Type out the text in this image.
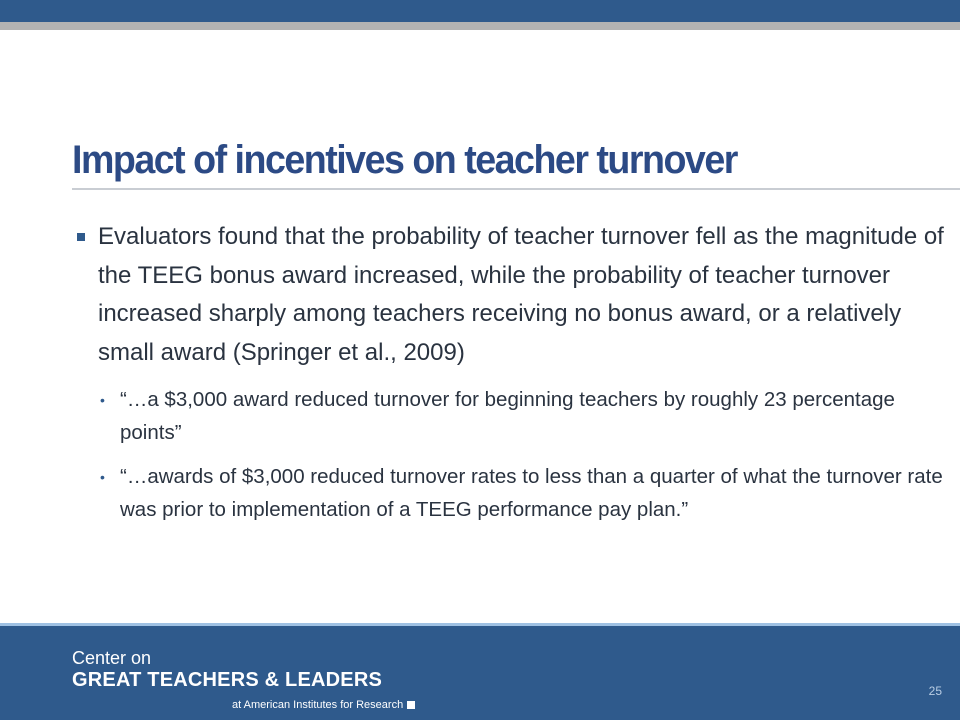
Impact of incentives on teacher turnover
Evaluators found that the probability of teacher turnover fell as the magnitude of the TEEG bonus award increased, while the probability of teacher turnover increased sharply among teachers receiving no bonus award, or a relatively small award (Springer et al., 2009)
• “…a $3,000 award reduced turnover for beginning teachers by roughly 23 percentage points”
• “…awards of $3,000 reduced turnover rates to less than a quarter of what the turnover rate was prior to implementation of a TEEG performance pay plan.”
Center on
GREAT TEACHERS & LEADERS
at American Institutes for Research
25
